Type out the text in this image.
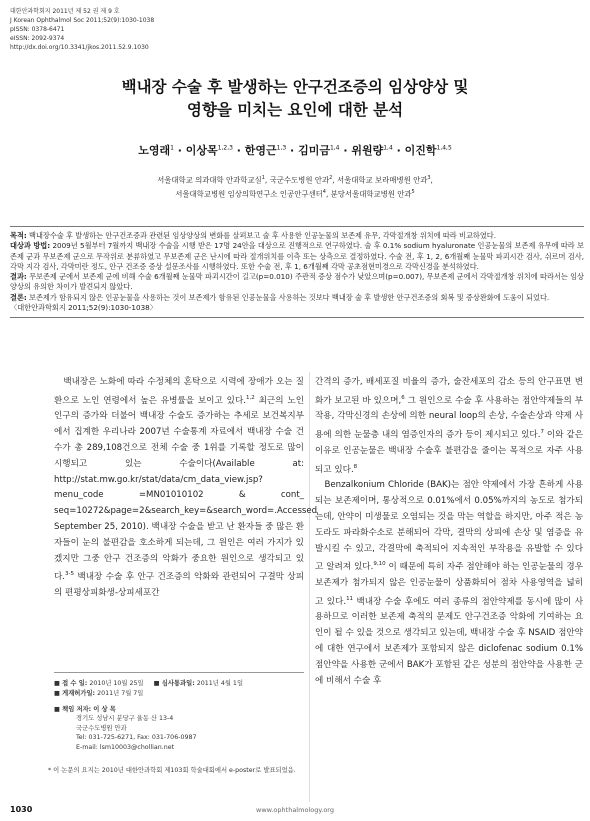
대한안과학회지 2011년 제 52 권 제 9 호
J Korean Ophthalmol Soc 2011;52(9):1030-1038
pISSN: 0378-6471
eISSN: 2092-9374
http://dx.doi.org/10.3341/jkos.2011.52.9.1030
백내장 수술 후 발생하는 안구건조증의 임상양상 및
영향을 미치는 요인에 대한 분석
노영래$^1$ · 이상목$^{1,2,3}$ · 한영근$^{1,3}$ · 김미금$^{1,4}$ · 위원량$^{1,4}$ · 이진학$^{1,4,5}$
서울대학교 의과대학 안과학교실$^1$, 국군수도병원 안과$^2$, 서울대학교 보라매병원 안과$^3$,
서울대학교병원 임상의학연구소 인공안구센터$^4$, 분당서울대학교병원 안과$^5$

목적: 백내장수술 후 발생하는 안구건조증과 관련된 임상양상의 변화를 살펴보고 술 후 사용한 인공눈물의 보존제 유무, 각막절개창 위치에 따라 비교하였다.

대상과 방법: 2009년 5월부터 7월까지 백내장 수술을 시행 받은 17명 24안을 대상으로 진행적으로 연구하였다. 술 후 0.1% sodium hyaluronate 인공눈물의 보존제 유무에 따라 보존제 군과 무보존제 군으로 무작위로 분류하였고 무보존제 군은 난시에 따라 절개위치를 이측 또는 상측으로 결정하였다. 수술 전, 후 1, 2, 6개월째 눈물막 파괴시간 검사, 쉬르머 검사, 각막 지각 검사, 각막미란 정도, 안구 건조증 증상 설문조사를 시행하였다. 또한 수술 전, 후 1, 6개월째 각막 공초점현미경으로 각막신경을 분석하였다.

결과: 무보존제 군에서 보존제 군에 비해 수술 6개월째 눈물막 파괴시간이 길고(p=0.010) 주관적 증상 점수가 낮았으며(p=0.007), 무보존제 군에서 각막절개창 위치에 따라서는 임상양상의 유의한 차이가 발견되지 않았다.

결론: 보존제가 함유되지 않은 인공눈물을 사용하는 것이 보존제가 함유된 인공눈물을 사용하는 것보다 백내장 술 후 발생한 안구건조증의 회복 및 증상완화에 도움이 되었다.

〈대한안과학회지 2011;52(9):1030-1038〉

백내장은 노화에 따라 수정체의 혼탁으로 시력에 장애가 오는 질환으로 노인 연령에서 높은 유병률을 보이고 있다.$^{1,2}$ 최근의 노인 인구의 증가와 더불어 백내장 수술도 증가하는 추세로 보건복지부에서 집계한 우리나라 2007년 수술통계 자료에서 백내장 수술 건수가 총 289,108건으로 전체 수술 중 1위를 기록할 정도로 많이 시행되고 있는 수술이다(Available at: http://stat.mw.go.kr/stat/data/cm_data_view.jsp?menu_code =MN01010102 & cont_ seq=10272&page=2&search_key=&search_word=.Accessed September 25, 2010). 백내장 수술을 받고 난 환자들 중 많은 환자들이 눈의 불편감을 호소하게 되는데, 그 원인은 여러 가지가 있겠지만 그중 안구 건조증의 악화가 중요한 원인으로 생각되고 있다.$^{3-5}$ 백내장 수술 후 안구 건조증의 악화와 관련되어 구결막 상피의 편평상피화생-상피세포간

■ 접 수 일: 2010년 10월 25일 ■ 심사통과일: 2011년 4월 1일
■ 게재허가일: 2011년 7월 7일
■ 책임 저자: 이 상 목
경기도 성남시 분당구 율동 산 13-4
국군수도병원 안과
Tel: 031-725-6271, Fax: 031-706-0987
E-mail: lsm10003@chollian.net
* 이 논문의 요지는 2010년 대한안과학회 제103회 학술대회에서 e-poster로 발표되었음.

간격의 증가, 배세포질 비율의 증가, 술잔세포의 감소 등의 안구표면 변화가 보고된 바 있으며,$^6$ 그 원인으로 수술 후 사용하는 점안약제들의 부작용, 각막신경의 손상에 의한 neural loop의 손상, 수술손상과 약제 사용에 의한 눈물층 내의 염증인자의 증가 등이 제시되고 있다.$^7$ 이와 같은 이유로 인공눈물은 백내장 수술후 불편감을 줄이는 목적으로 자주 사용되고 있다.$^8$

Benzalkonium Chloride (BAK)는 점안 약제에서 가장 흔하게 사용되는 보존제이며, 통상적으로 0.01%에서 0.05%까지의 농도로 첨가되는데, 안약이 미생물로 오염되는 것을 막는 역할을 하지만, 아주 적은 농도라도 파라화수소로 분해되어 각막, 결막의 상피에 손상 및 염증을 유발시킬 수 있고, 각결막에 축적되어 지속적인 부작용을 유발할 수 있다고 알려져 있다.$^{9,10}$ 이 때문에 특히 자주 점안해야 하는 인공눈물의 경우 보존제가 첨가되지 않은 인공눈물이 상품화되어 점차 사용영역을 넓히고 있다.$^{11}$ 백내장 수술 후에도 여러 종류의 점안약제를 동시에 많이 사용하므로 이러한 보존제 축적의 문제도 안구건조증 악화에 기여하는 요인이 될 수 있을 것으로 생각되고 있는데, 백내장 수술 후 NSAID 점안약에 대한 연구에서 보존제가 포함되지 않은 diclofenac sodium 0.1% 점안약을 사용한 군에서 BAK가 포함된 같은 성분의 점안약을 사용한 군에 비해서 수술 후

1030	www.ophthalmology.org
